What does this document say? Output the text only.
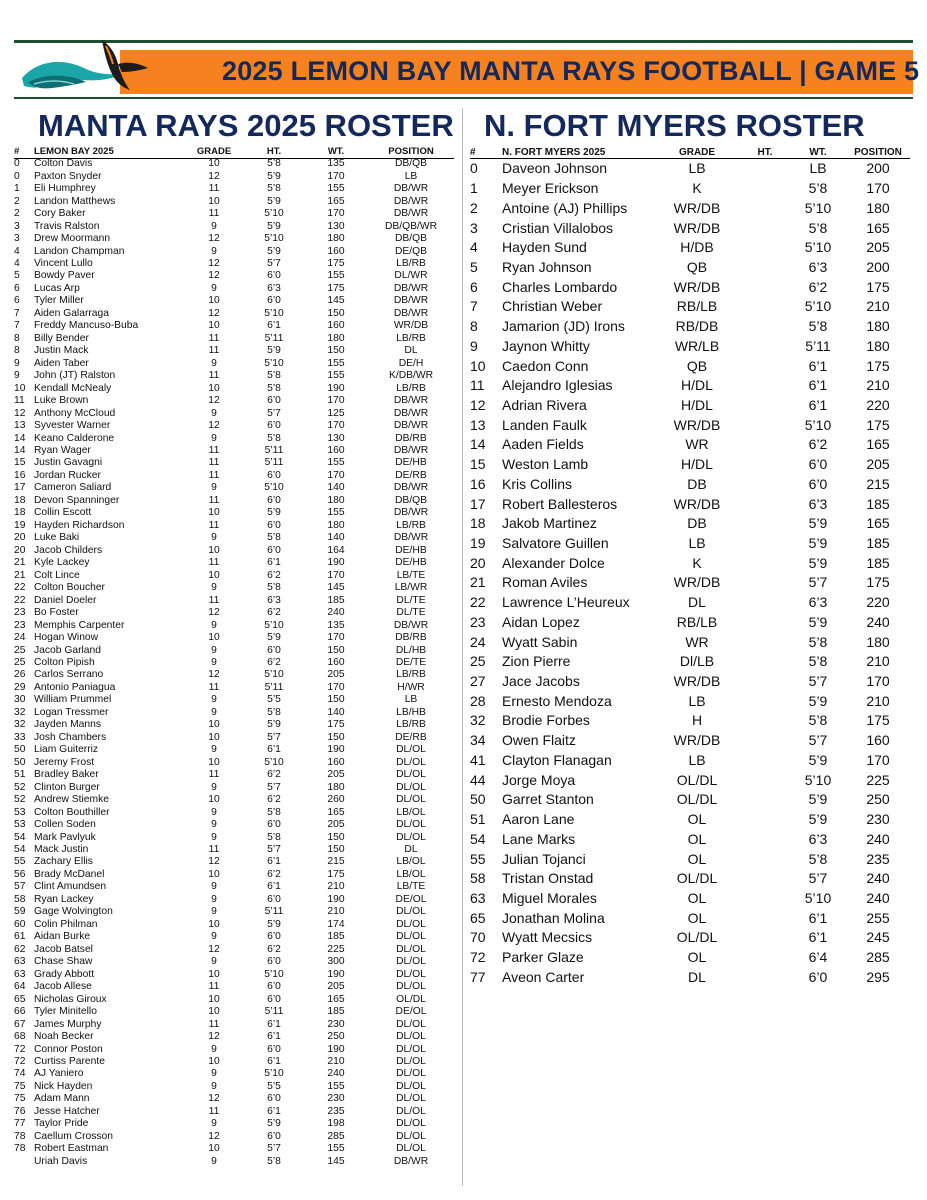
2025 LEMON BAY MANTA RAYS FOOTBALL | GAME 5
MANTA RAYS 2025 ROSTER N. FORT MYERS ROSTER
#	LEMON BAY 2025	GRADE	HT.	WT.	POSITION
0	Colton Davis	10	5’8	135	DB/QB
0	Paxton Snyder	12	5’9	170	LB
1	Eli Humphrey	11	5’8	155	DB/WR
2	Landon Matthews	10	5’9	165	DB/WR
2	Cory Baker	11	5’10	170	DB/WR
3	Travis Ralston	9	5’9	130	DB/QB/WR
3	Drew Moormann	12	5’10	180	DB/QB
4	Landon Champman	9	5’9	160	DE/QB
4	Vincent Lullo	12	5’7	175	LB/RB
5	Bowdy Paver	12	6’0	155	DL/WR
6	Lucas Arp	9	6’3	175	DB/WR
6	Tyler Miller	10	6’0	145	DB/WR
7	Aiden Galarraga	12	5’10	150	DB/WR
7	Freddy Mancuso-Buba	10	6’1	160	WR/DB
8	Billy Bender	11	5’11	180	LB/RB
8	Justin Mack	11	5’9	150	DL
9	Aiden Taber	9	5’10	155	DE/H
9	John (JT) Ralston	11	5’8	155	K/DB/WR
10	Kendall McNealy	10	5’8	190	LB/RB
11	Luke Brown	12	6’0	170	DB/WR
12	Anthony McCloud	9	5’7	125	DB/WR
13	Syvester Warner	12	6’0	170	DB/WR
14	Keano Calderone	9	5’8	130	DB/RB
14	Ryan Wager	11	5’11	160	DB/WR
15	Justin Gavagni	11	5’11	155	DE/HB
16	Jordan Rucker	11	6’0	170	DE/RB
17	Cameron Saliard	9	5’10	140	DB/WR
18	Devon Spanninger	11	6’0	180	DB/QB
18	Collin Escott	10	5’9	155	DB/WR
19	Hayden Richardson	11	6’0	180	LB/RB
20	Luke Baki	9	5’8	140	DB/WR
20	Jacob Childers	10	6’0	164	DE/HB
21	Kyle Lackey	11	6’1	190	DE/HB
21	Colt Lince	10	6’2	170	LB/TE
22	Colton Boucher	9	5’8	145	LB/WR
22	Daniel Doeler	11	6’3	185	DL/TE
23	Bo Foster	12	6’2	240	DL/TE
23	Memphis Carpenter	9	5’10	135	DB/WR
24	Hogan Winow	10	5’9	170	DB/RB
25	Jacob Garland	9	6’0	150	DL/HB
25	Colton Pipish	9	6’2	160	DE/TE
26	Carlos Serrano	12	5’10	205	LB/RB
29	Antonio Paniagua	11	5’11	170	H/WR
30	William Prummel	9	5’5	150	LB
32	Logan Tressmer	9	5’8	140	LB/HB
32	Jayden Manns	10	5’9	175	LB/RB
33	Josh Chambers	10	5’7	150	DE/RB
50	Liam Guiterriz	9	6’1	190	DL/OL
50	Jeremy Frost	10	5’10	160	DL/OL
51	Bradley Baker	11	6’2	205	DL/OL
52	Clinton Burger	9	5’7	180	DL/OL
52	Andrew Stiemke	10	6’2	260	DL/OL
53	Colton Bouthiller	9	5’8	165	LB/OL
53	Collen Soden	9	6’0	205	DL/OL
54	Mark Pavlyuk	9	5’8	150	DL/OL
54	Mack Justin	11	5’7	150	DL
55	Zachary Ellis	12	6’1	215	LB/OL
56	Brady McDanel	10	6’2	175	LB/OL
57	Clint Amundsen	9	6’1	210	LB/TE
58	Ryan Lackey	9	6’0	190	DE/OL
59	Gage Wolvington	9	5’11	210	DL/OL
60	Colin Philman	10	5’9	174	DL/OL
61	Aidan Burke	9	6’0	185	DL/OL
62	Jacob Batsel	12	6’2	225	DL/OL
63	Chase Shaw	9	6’0	300	DL/OL
63	Grady Abbott	10	5’10	190	DL/OL
64	Jacob Allese	11	6’0	205	DL/OL
65	Nicholas Giroux	10	6’0	165	OL/DL
66	Tyler Minitello	10	5’11	185	DE/OL
67	James Murphy	11	6’1	230	DL/OL
68	Noah Becker	12	6’1	250	DL/OL
72	Connor Poston	9	6’0	190	DL/OL
72	Curtiss Parente	10	6’1	210	DL/OL
74	AJ Yaniero	9	5’10	240	DL/OL
75	Nick Hayden	9	5’5	155	DL/OL
75	Adam Mann	12	6’0	230	DL/OL
76	Jesse Hatcher	11	6’1	235	DL/OL
77	Taylor Pride	9	5’9	198	DL/OL
78	Caellum Crosson	12	6’0	285	DL/OL
78	Robert Eastman	10	5’7	155	DL/OL
	Uriah Davis	9	5’8	145	DB/WR
#	N. FORT MYERS 2025	GRADE	HT.	WT.	POSITION
0	Daveon Johnson	LB		LB	200
1	Meyer Erickson	K		5’8	170
2	Antoine (AJ) Phillips	WR/DB		5’10	180
3	Cristian Villalobos	WR/DB		5’8	165
4	Hayden Sund	H/DB		5’10	205
5	Ryan Johnson	QB		6’3	200
6	Charles Lombardo	WR/DB		6’2	175
7	Christian Weber	RB/LB		5’10	210
8	Jamarion (JD) Irons	RB/DB		5’8	180
9	Jaynon Whitty	WR/LB		5’11	180
10	Caedon Conn	QB		6’1	175
11	Alejandro Iglesias	H/DL		6’1	210
12	Adrian Rivera	H/DL		6’1	220
13	Landen Faulk	WR/DB		5’10	175
14	Aaden Fields	WR		6’2	165
15	Weston Lamb	H/DL		6’0	205
16	Kris Collins	DB		6’0	215
17	Robert Ballesteros	WR/DB		6’3	185
18	Jakob Martinez	DB		5’9	165
19	Salvatore Guillen	LB		5’9	185
20	Alexander Dolce	K		5’9	185
21	Roman Aviles	WR/DB		5’7	175
22	Lawrence L’Heureux	DL		6’3	220
23	Aidan Lopez	RB/LB		5’9	240
24	Wyatt Sabin	WR		5’8	180
25	Zion Pierre	Dl/LB		5’8	210
27	Jace Jacobs	WR/DB		5’7	170
28	Ernesto Mendoza	LB		5’9	210
32	Brodie Forbes	H		5’8	175
34	Owen Flaitz	WR/DB		5’7	160
41	Clayton Flanagan	LB		5’9	170
44	Jorge Moya	OL/DL		5’10	225
50	Garret Stanton	OL/DL		5’9	250
51	Aaron Lane	OL		5’9	230
54	Lane Marks	OL		6’3	240
55	Julian Tojanci	OL		5’8	235
58	Tristan Onstad	OL/DL		5’7	240
63	Miguel Morales	OL		5’10	240
65	Jonathan Molina	OL		6’1	255
70	Wyatt Mecsics	OL/DL		6’1	245
72	Parker Glaze	OL		6’4	285
77	Aveon Carter	DL		6’0	295
